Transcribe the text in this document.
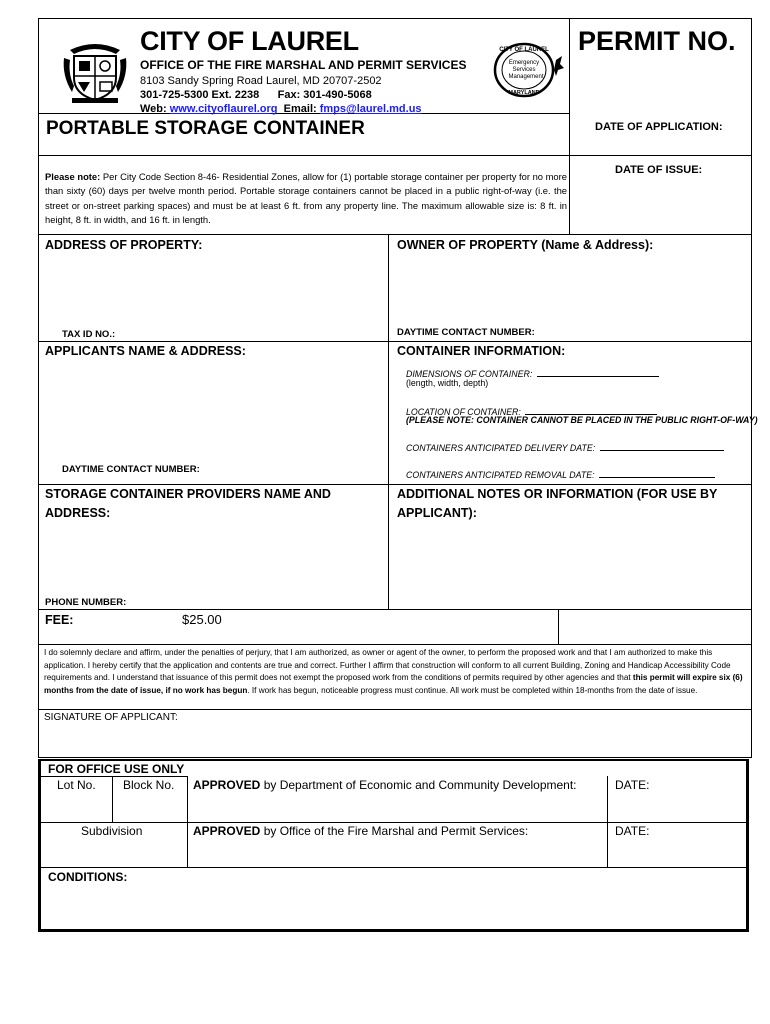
CITY OF LAUREL
OFFICE OF THE FIRE MARSHAL AND PERMIT SERVICES
8103 Sandy Spring Road Laurel, MD 20707-2502
301-725-5300 Ext. 2238 Fax: 301-490-5068
Web: www.cityoflaurel.org Email: fmps@laurel.md.us
CITY OF LAUREL
Emergency
Services
Management
MARYLAND
PERMIT NO.
PORTABLE STORAGE CONTAINER	DATE OF APPLICATION:
Please note: Per City Code Section 8-46- Residential Zones, allow for (1) portable storage container per property for no more than sixty (60) days per twelve month period. Portable storage containers cannot be placed in a public right-of-way (i.e. the street or on-street parking spaces) and must be at least 6 ft. from any property line. The maximum allowable size is: 8 ft. in height, 8 ft. in width, and 16 ft. in length.
DATE OF ISSUE:
ADDRESS OF PROPERTY:	OWNER OF PROPERTY (Name & Address):
TAX ID NO.:	DAYTIME CONTACT NUMBER:
APPLICANTS NAME & ADDRESS:
DAYTIME CONTACT NUMBER:
CONTAINER INFORMATION:
DIMENSIONS OF CONTAINER:
(length, width, depth)
LOCATION OF CONTAINER:
(PLEASE NOTE: CONTAINER CANNOT BE PLACED IN THE PUBLIC RIGHT-OF-WAY)
CONTAINERS ANTICIPATED DELIVERY DATE:
CONTAINERS ANTICIPATED REMOVAL DATE:
STORAGE CONTAINER PROVIDERS NAME AND ADDRESS:
ADDITIONAL NOTES OR INFORMATION (FOR USE BY APPLICANT):
PHONE NUMBER:
FEE:	$25.00
I do solemnly declare and affirm, under the penalties of perjury, that I am authorized, as owner or agent of the owner, to perform the proposed work and that I am authorized to make this application. I hereby certify that the application and contents are true and correct. Further I affirm that construction will conform to all current Building, Zoning and Handicap Accessibility Code requirements and. I understand that issuance of this permit does not exempt the proposed work from the conditions of permits required by other agencies and that this permit will expire six (6) months from the date of issue, if no work has begun. If work has begun, noticeable progress must continue. All work must be completed within 18-months from the date of issue.
SIGNATURE OF APPLICANT:
FOR OFFICE USE ONLY
Lot No. Block No. APPROVED by Department of Economic and Community Development:	DATE:
Subdivision	APPROVED by Office of the Fire Marshal and Permit Services:	DATE:
CONDITIONS:
